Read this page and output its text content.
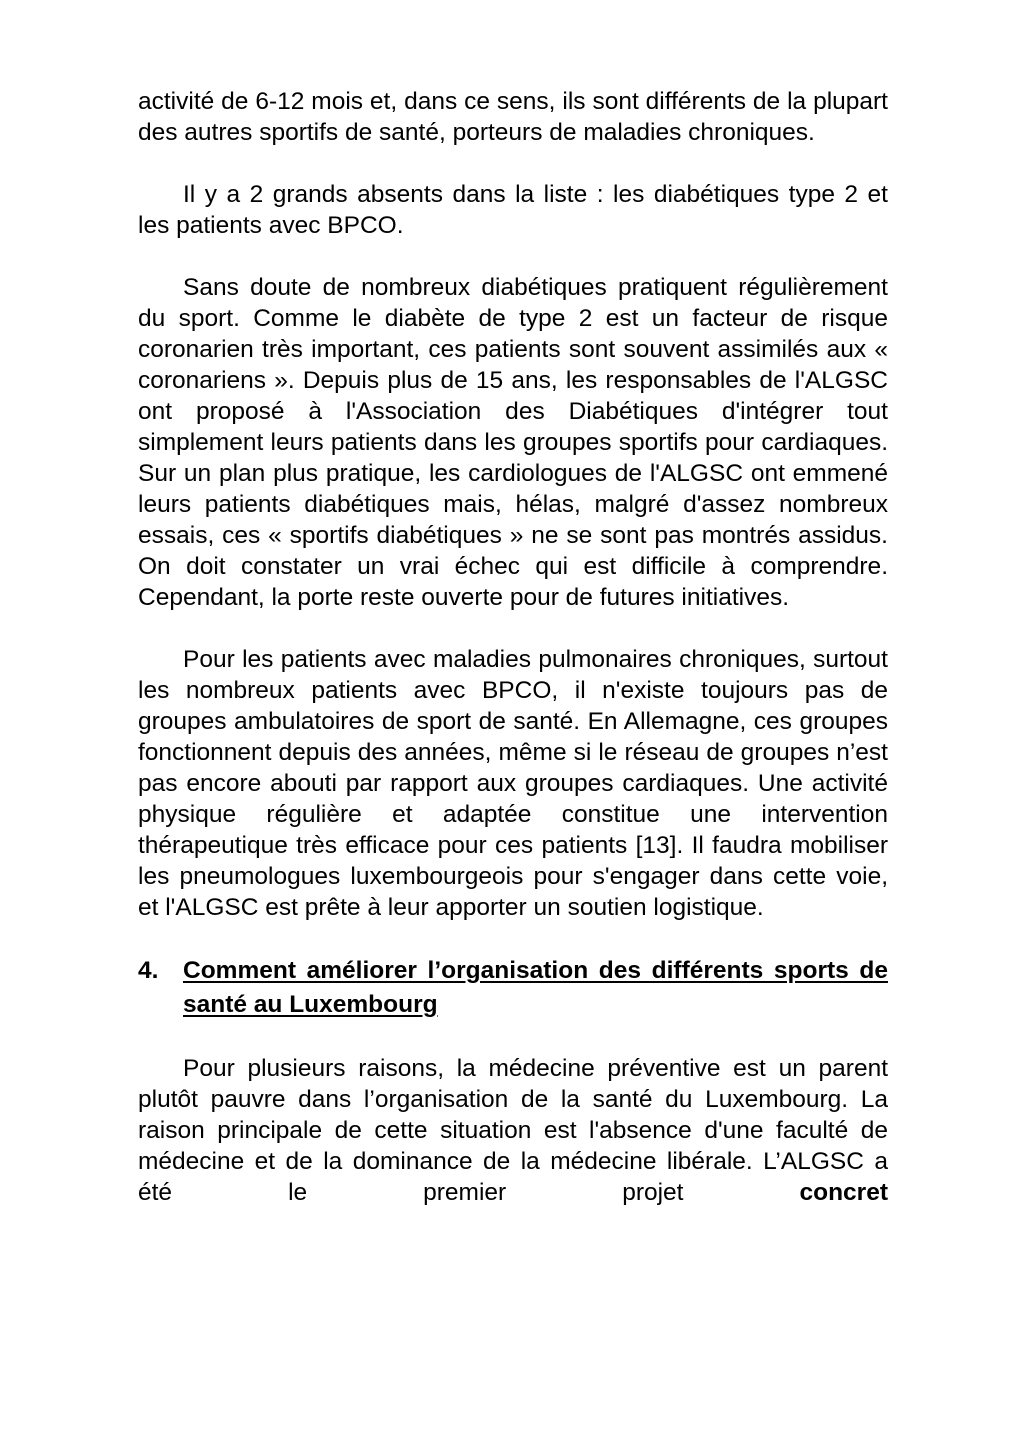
activité de 6-12 mois et, dans ce sens, ils sont différents de la plupart des autres sportifs de santé, porteurs de maladies chroniques.

Il y a 2 grands absents dans la liste : les diabétiques type 2 et les patients avec BPCO.

Sans doute de nombreux diabétiques pratiquent régulièrement du sport. Comme le diabète de type 2 est un facteur de risque coronarien très important, ces patients sont souvent assimilés aux « coronariens ». Depuis plus de 15 ans, les responsables de l'ALGSC ont proposé à l'Association des Diabétiques d'intégrer tout simplement leurs patients dans les groupes sportifs pour cardiaques. Sur un plan plus pratique, les cardiologues de l'ALGSC ont emmené leurs patients diabétiques mais, hélas, malgré d'assez nombreux essais, ces « sportifs diabétiques » ne se sont pas montrés assidus. On doit constater un vrai échec qui est difficile à comprendre. Cependant, la porte reste ouverte pour de futures initiatives.

Pour les patients avec maladies pulmonaires chroniques, surtout les nombreux patients avec BPCO, il n'existe toujours pas de groupes ambulatoires de sport de santé. En Allemagne, ces groupes fonctionnent depuis des années, même si le réseau de groupes n’est pas encore abouti par rapport aux groupes cardiaques. Une activité physique régulière et adaptée constitue une intervention thérapeutique très efficace pour ces patients [13]. Il faudra mobiliser les pneumologues luxembourgeois pour s'engager dans cette voie, et l'ALGSC est prête à leur apporter un soutien logistique.

4.	Comment améliorer l’organisation des différents sports de santé au Luxembourg

Pour plusieurs raisons, la médecine préventive est un parent plutôt pauvre dans l’organisation de la santé du Luxembourg. La raison principale de cette situation est l'absence d'une faculté de médecine et de la dominance de la médecine libérale. L’ALGSC a été le premier projet concret
